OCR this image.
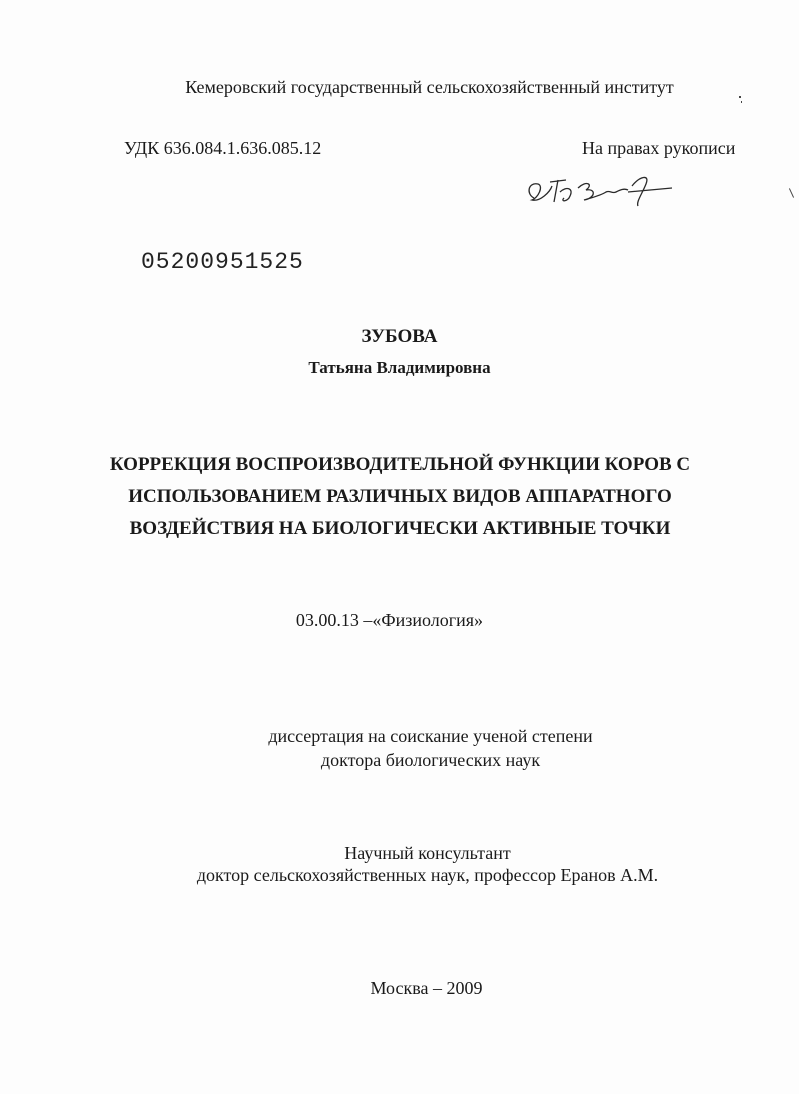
Кемеровский государственный сельскохозяйственный институт
УДК 636.084.1.636.085.12	На правах рукописи
05200951525
ЗУБОВА
Татьяна Владимировна
КОРРЕКЦИЯ ВОСПРОИЗВОДИТЕЛЬНОЙ ФУНКЦИИ КОРОВ С
ИСПОЛЬЗОВАНИЕМ РАЗЛИЧНЫХ ВИДОВ АППАРАТНОГО
ВОЗДЕЙСТВИЯ НА БИОЛОГИЧЕСКИ АКТИВНЫЕ ТОЧКИ
03.00.13 –«Физиология»
диссертация на соискание ученой степени
доктора биологических наук
Научный консультант
доктор сельскохозяйственных наук, профессор Еранов А.М.
Москва – 2009
